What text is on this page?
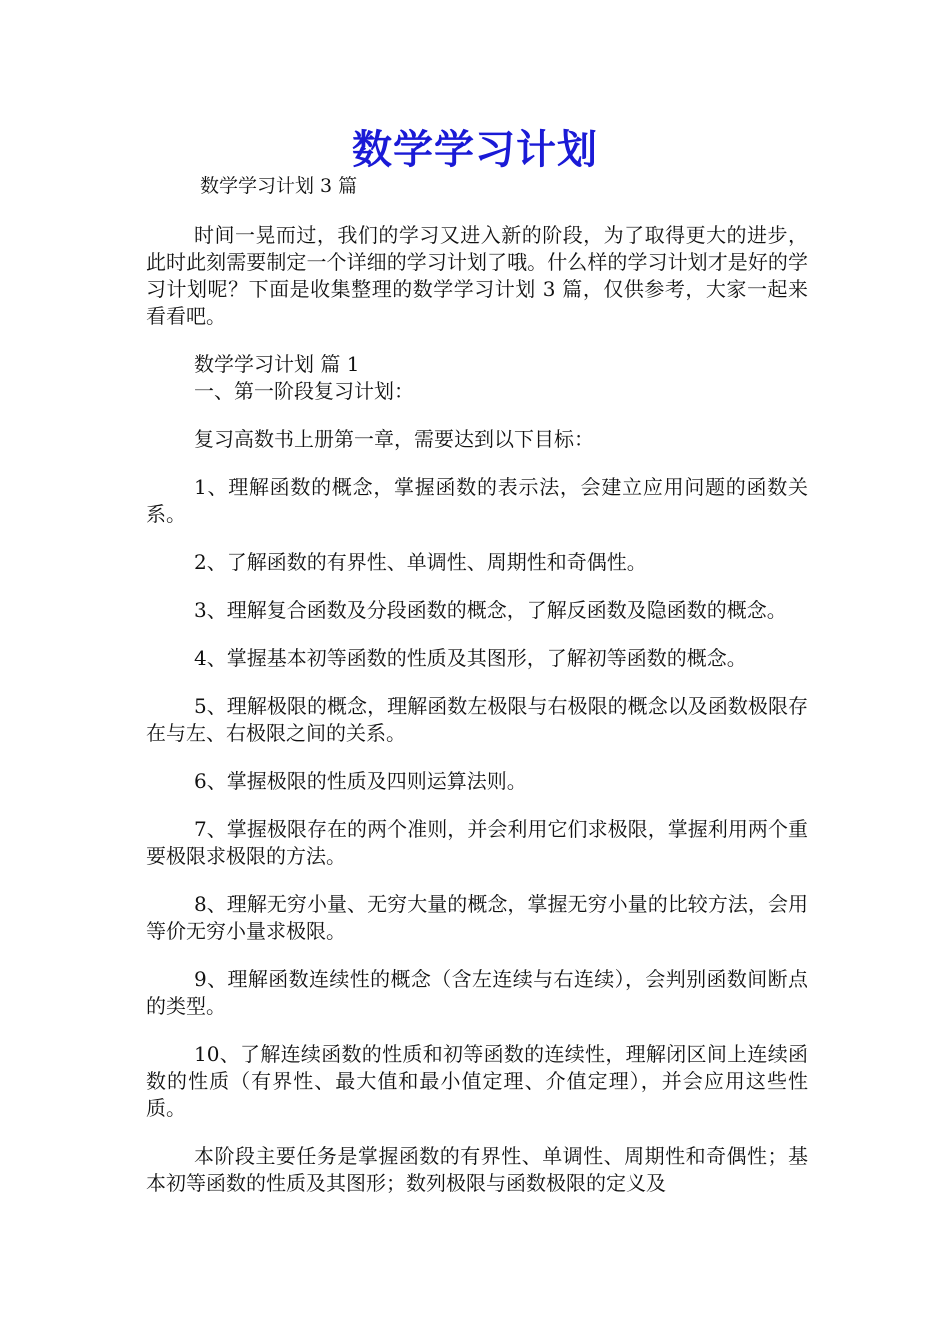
数学学习计划

数学学习计划 3 篇

时间一晃而过，我们的学习又进入新的阶段，为了取得更大的进步，此时此刻需要制定一个详细的学习计划了哦。什么样的学习计划才是好的学习计划呢？下面是收集整理的数学学习计划 3 篇，仅供参考，大家一起来看看吧。

数学学习计划 篇 1

一、第一阶段复习计划：

复习高数书上册第一章，需要达到以下目标：

1、理解函数的概念，掌握函数的表示法，会建立应用问题的函数关系。

2、了解函数的有界性、单调性、周期性和奇偶性。

3、理解复合函数及分段函数的概念，了解反函数及隐函数的概念。

4、掌握基本初等函数的性质及其图形，了解初等函数的概念。

5、理解极限的概念，理解函数左极限与右极限的概念以及函数极限存在与左、右极限之间的关系。

6、掌握极限的性质及四则运算法则。

7、掌握极限存在的两个准则，并会利用它们求极限，掌握利用两个重要极限求极限的方法。

8、理解无穷小量、无穷大量的概念，掌握无穷小量的比较方法，会用等价无穷小量求极限。

9、理解函数连续性的概念（含左连续与右连续），会判别函数间断点的类型。

10、了解连续函数的性质和初等函数的连续性，理解闭区间上连续函数的性质（有界性、最大值和最小值定理、介值定理），并会应用这些性质。

本阶段主要任务是掌握函数的有界性、单调性、周期性和奇偶性；基本初等函数的性质及其图形；数列极限与函数极限的定义及
